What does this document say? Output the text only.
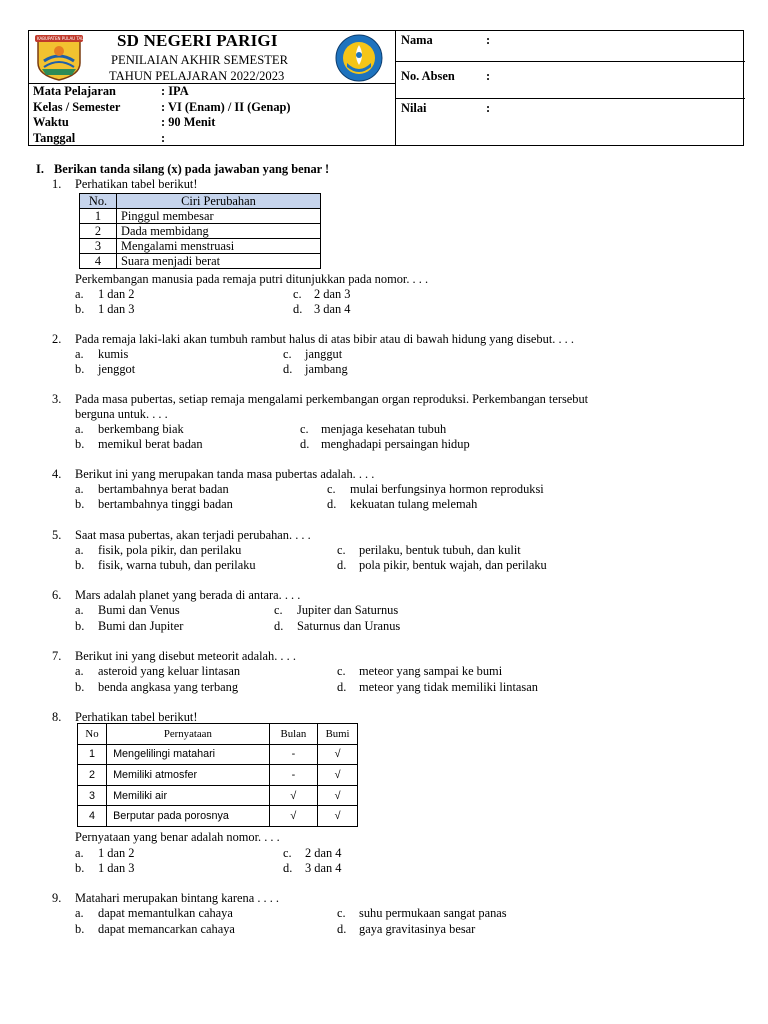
KABUPATEN PULAU TALIABU SD NEGERI PARIGI
PENILAIAN AKHIR SEMESTER
TAHUN PELAJARAN 2022/2023
Mata Pelajaran	: IPA
Kelas / Semester	: VI (Enam) / II (Genap)
Waktu	: 90 Menit
Tanggal	:
Nama	:
No. Absen	:
Nilai	:
I. Berikan tanda silang (x) pada jawaban yang benar !
1. Perhatikan tabel berikut!
No.	Ciri Perubahan
1	Pinggul membesar
2	Dada membidang
3	Mengalami menstruasi
4	Suara menjadi berat
Perkembangan manusia pada remaja putri ditunjukkan pada nomor. . . .
a. 1 dan 2
b. 1 dan 3
c. 2 dan 3
d. 3 dan 4
2. Pada remaja laki-laki akan tumbuh rambut halus di atas bibir atau di bawah hidung yang disebut. . . .
a. kumis
b. jenggot
c. janggut
d. jambang
3. Pada masa pubertas, setiap remaja mengalami perkembangan organ reproduksi. Perkembangan tersebut
berguna untuk. . . .
a. berkembang biak
b. memikul berat badan
c. menjaga kesehatan tubuh
d. menghadapi persaingan hidup
4. Berikut ini yang merupakan tanda masa pubertas adalah. . . .
a. bertambahnya berat badan
b. bertambahnya tinggi badan
c. mulai berfungsinya hormon reproduksi
d. kekuatan tulang melemah
5. Saat masa pubertas, akan terjadi perubahan. . . .
a. fisik, pola pikir, dan perilaku
b. fisik, warna tubuh, dan perilaku
c. perilaku, bentuk tubuh, dan kulit
d. pola pikir, bentuk wajah, dan perilaku
6. Mars adalah planet yang berada di antara. . . .
a. Bumi dan Venus
b. Bumi dan Jupiter
c. Jupiter dan Saturnus
d. Saturnus dan Uranus
7. Berikut ini yang disebut meteorit adalah. . . .
a. asteroid yang keluar lintasan
b. benda angkasa yang terbang
c. meteor yang sampai ke bumi
d. meteor yang tidak memiliki lintasan
8. Perhatikan tabel berikut!
No	Pernyataan	Bulan	Bumi
1	Mengelilingi matahari	-	√
2	Memiliki atmosfer	-	√
3	Memiliki air	√	√
4	Berputar pada porosnya	√	√
Pernyataan yang benar adalah nomor. . . .
a. 1 dan 2
b. 1 dan 3
c. 2 dan 4
d. 3 dan 4
9. Matahari merupakan bintang karena . . . .
a. dapat memantulkan cahaya
b. dapat memancarkan cahaya
c. suhu permukaan sangat panas
d. gaya gravitasinya besar
